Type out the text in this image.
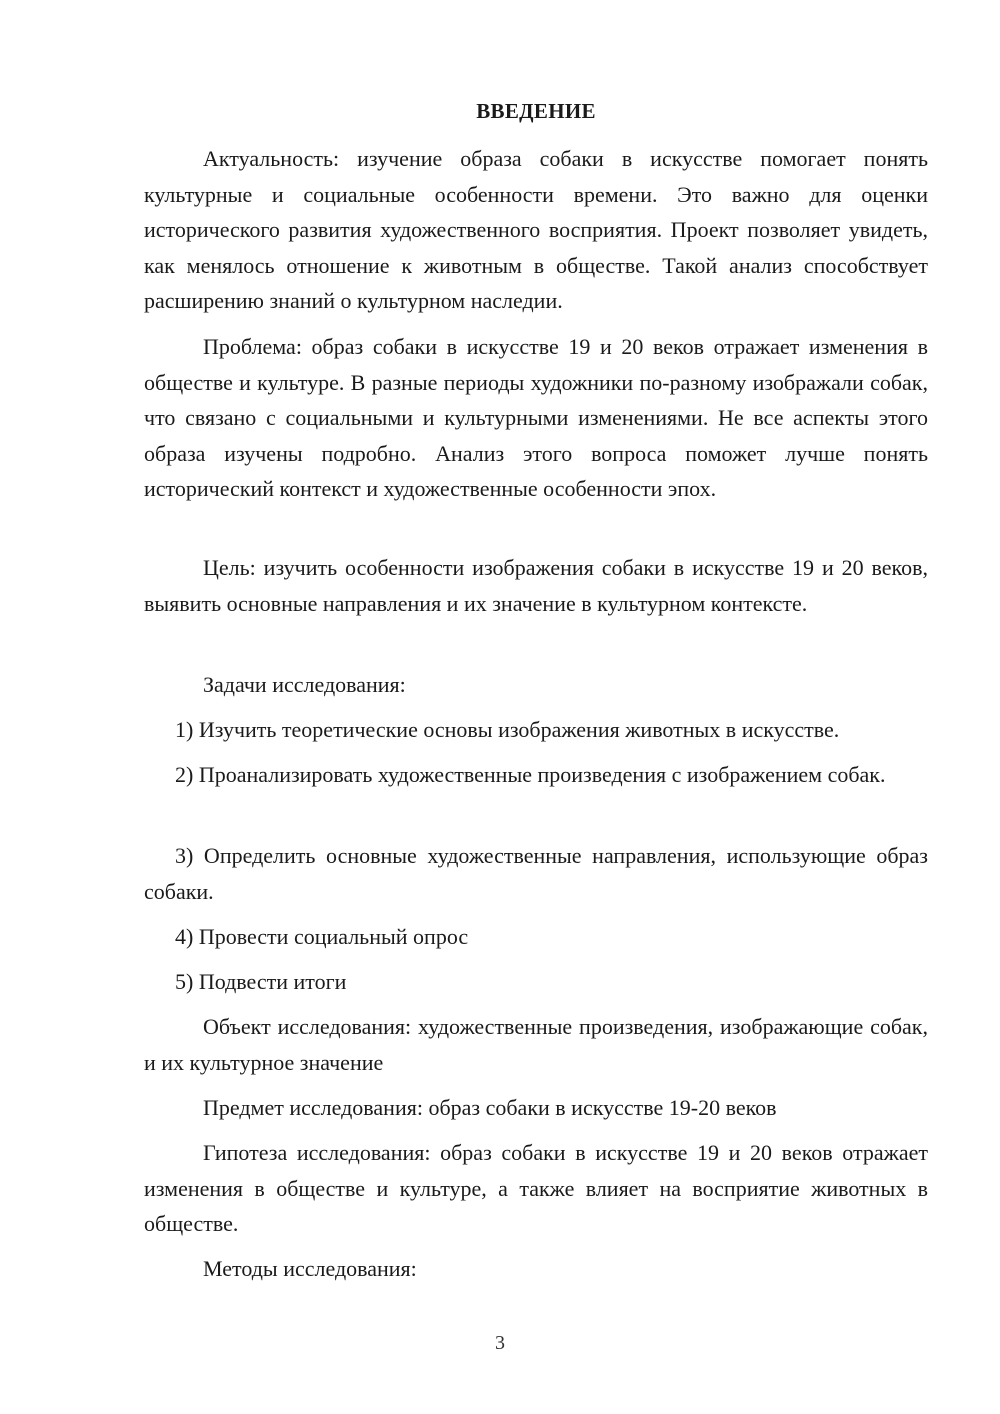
ВВЕДЕНИЕ

Актуальность: изучение образа собаки в искусстве помогает понять культурные и социальные особенности времени. Это важно для оценки исторического развития художественного восприятия. Проект позволяет увидеть, как менялось отношение к животным в обществе. Такой анализ способствует расширению знаний о культурном наследии.

Проблема: образ собаки в искусстве 19 и 20 веков отражает изменения в обществе и культуре. В разные периоды художники по-разному изображали собак, что связано с социальными и культурными изменениями. Не все аспекты этого образа изучены подробно. Анализ этого вопроса поможет лучше понять исторический контекст и художественные особенности эпох.

Цель: изучить особенности изображения собаки в искусстве 19 и 20 веков, выявить основные направления и их значение в культурном контексте.

Задачи исследования:

1) Изучить теоретические основы изображения животных в искусстве.

2) Проанализировать художественные произведения с изображением собак.

3) Определить основные художественные направления, использующие образ собаки.

4) Провести социальный опрос

5) Подвести итоги

Объект исследования: художественные произведения, изображающие собак, и их культурное значение

Предмет исследования: образ собаки в искусстве 19-20 веков

Гипотеза исследования: образ собаки в искусстве 19 и 20 веков отражает изменения в обществе и культуре, а также влияет на восприятие животных в обществе.

Методы исследования:

3
